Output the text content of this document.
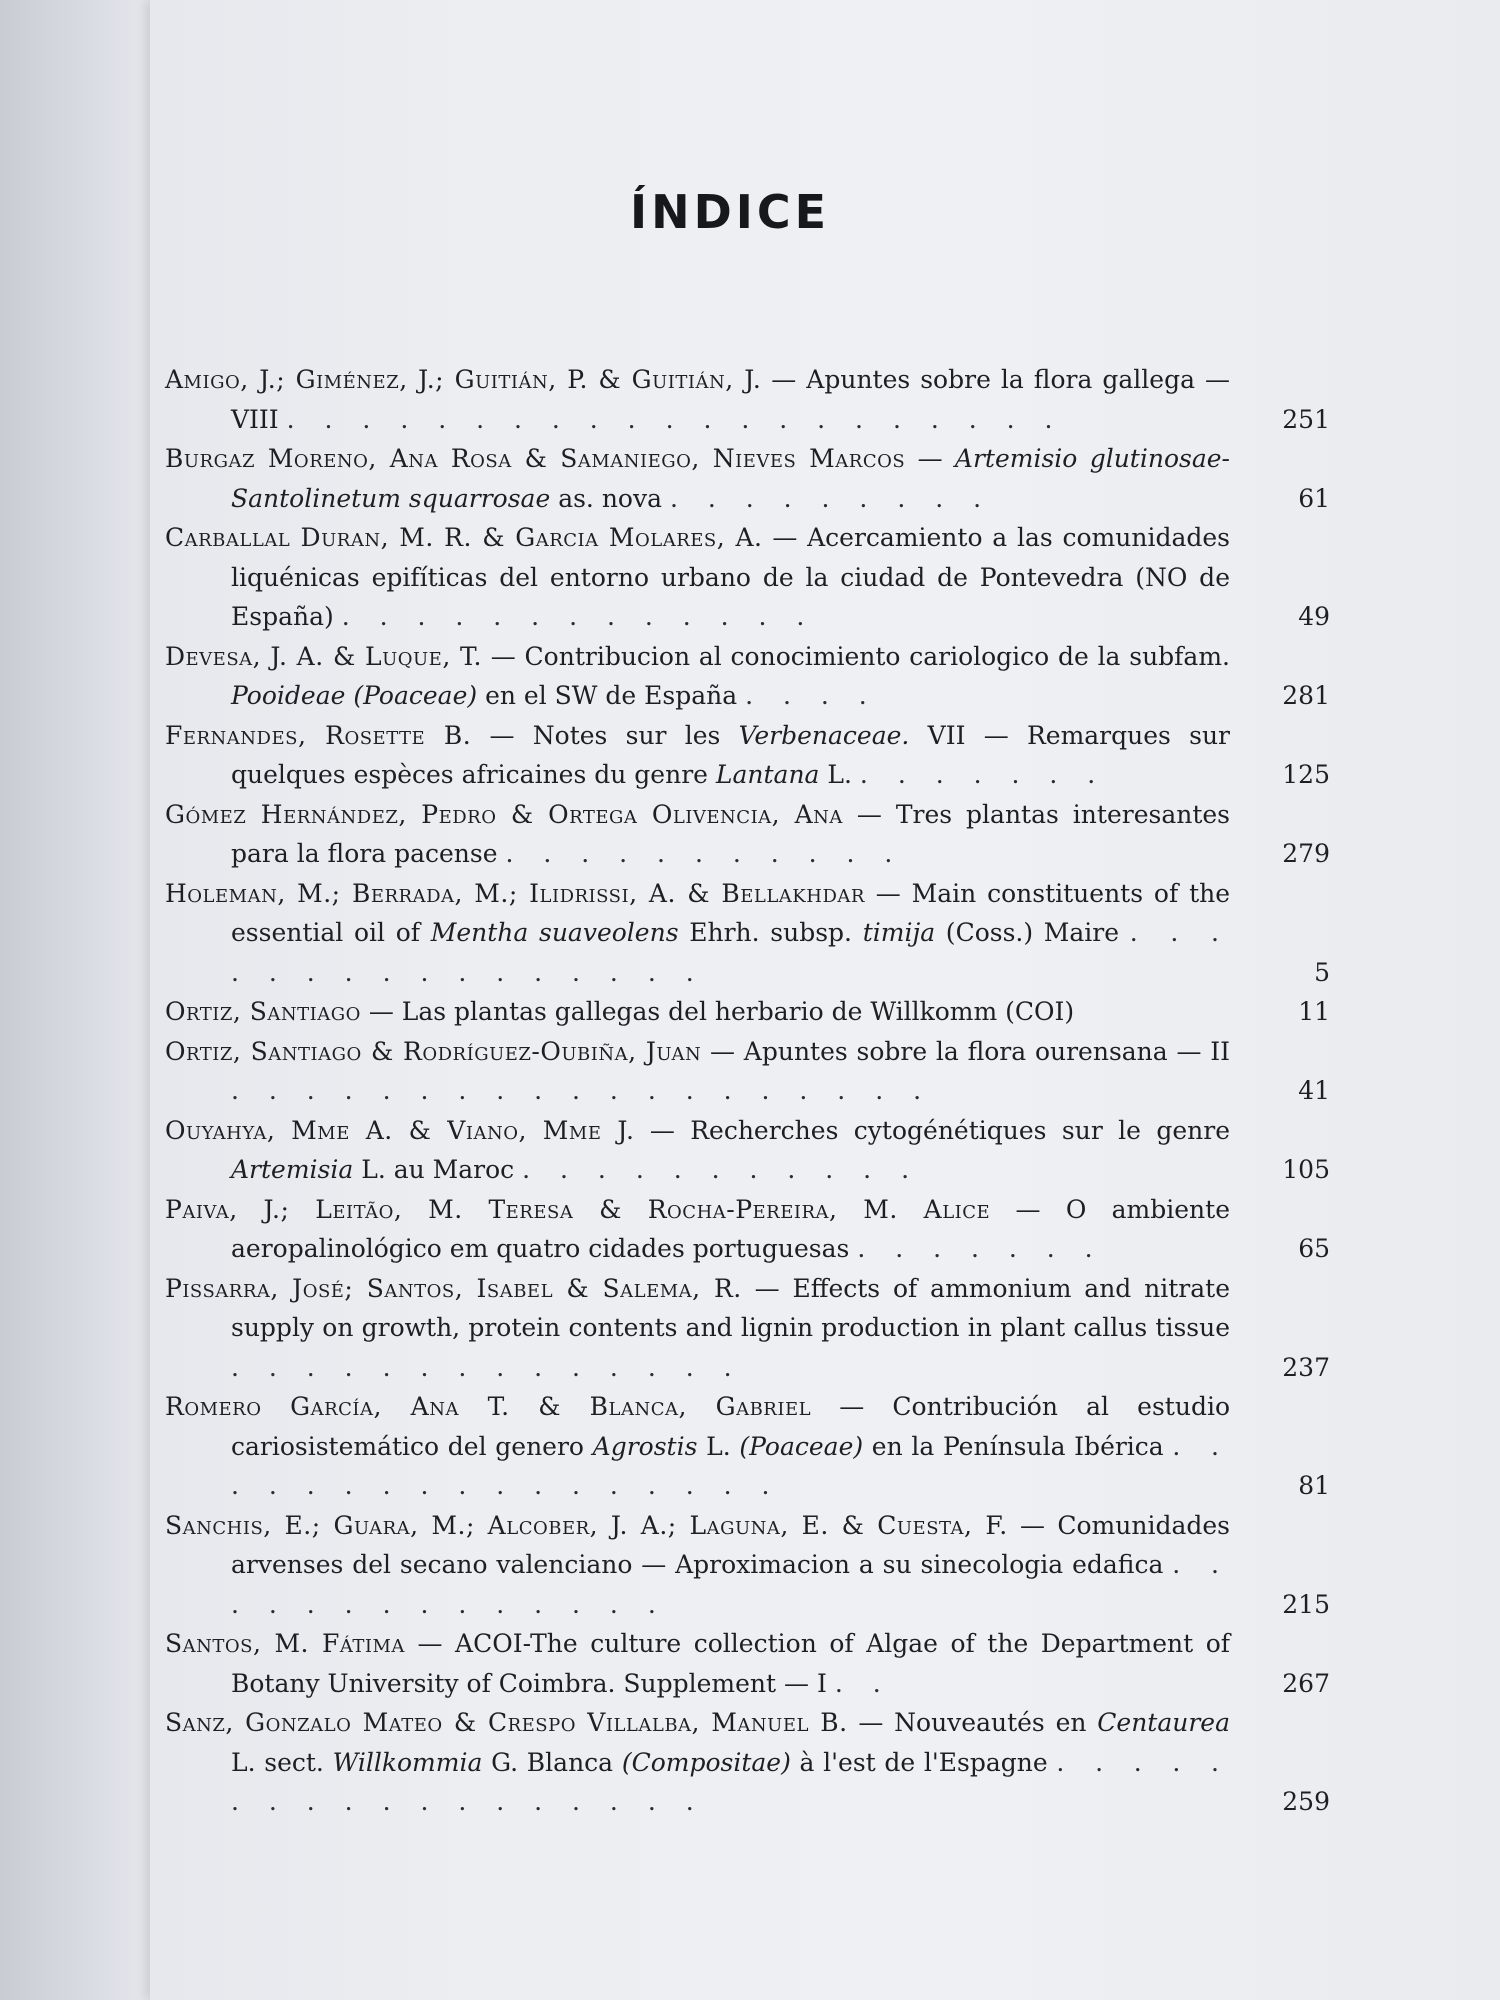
ÍNDICE
Amigo, J.; Giménez, J.; Guitián, P. & Guitián, J. — Apuntes sobre la flora gallega — VIII . . . . . . . . . . . . . . . . . . . . .	251
Burgaz Moreno, Ana Rosa & Samaniego, Nieves Marcos — Artemisio glutinosae-Santolinetum squarrosae as. nova . . . . . . . . .	61
Carballal Duran, M. R. & Garcia Molares, A. — Acercamiento a las comunidades liquénicas epifíticas del entorno urbano de la ciudad de Pontevedra (NO de España) . . . . . . . . . . . . .	49
Devesa, J. A. & Luque, T. — Contribucion al conocimiento cariologico de la subfam. Pooideae (Poaceae) en el SW de España . . . .	281
Fernandes, Rosette B. — Notes sur les Verbenaceae. VII — Remarques sur quelques espèces africaines du genre Lantana L. . . . . . . .	125
Gómez Hernández, Pedro & Ortega Olivencia, Ana — Tres plantas interesantes para la flora pacense . . . . . . . . . . .	279
Holeman, M.; Berrada, M.; Ilidrissi, A. & Bellakhdar — Main constituents of the essential oil of Mentha suaveolens Ehrh. subsp. timija (Coss.) Maire . . . . . . . . . . . . . . . .	5
Ortiz, Santiago — Las plantas gallegas del herbario de Willkomm (COI)	11
Ortiz, Santiago & Rodríguez-Oubiña, Juan — Apuntes sobre la flora ourensana — II . . . . . . . . . . . . . . . . . . .	41
Ouyahya, Mme A. & Viano, Mme J. — Recherches cytogénétiques sur le genre Artemisia L. au Maroc . . . . . . . . . . .	105
Paiva, J.; Leitão, M. Teresa & Rocha-Pereira, M. Alice — O ambiente aeropalinológico em quatro cidades portuguesas . . . . . . .	65
Pissarra, José; Santos, Isabel & Salema, R. — Effects of ammonium and nitrate supply on growth, protein contents and lignin production in plant callus tissue . . . . . . . . . . . . . .	237
Romero García, Ana T. & Blanca, Gabriel — Contribución al estudio cariosistemático del genero Agrostis L. (Poaceae) en la Península Ibérica . . . . . . . . . . . . . . . . .	81
Sanchis, E.; Guara, M.; Alcober, J. A.; Laguna, E. & Cuesta, F. — Comunidades arvenses del secano valenciano — Aproximacion a su sinecologia edafica . . . . . . . . . . . . . .	215
Santos, M. Fátima — ACOI-The culture collection of Algae of the Department of Botany University of Coimbra. Supplement — I . .	267
Sanz, Gonzalo Mateo & Crespo Villalba, Manuel B. — Nouveautés en Centaurea L. sect. Willkommia G. Blanca (Compositae) à l'est de l'Espagne . . . . . . . . . . . . . . . . . .	259
